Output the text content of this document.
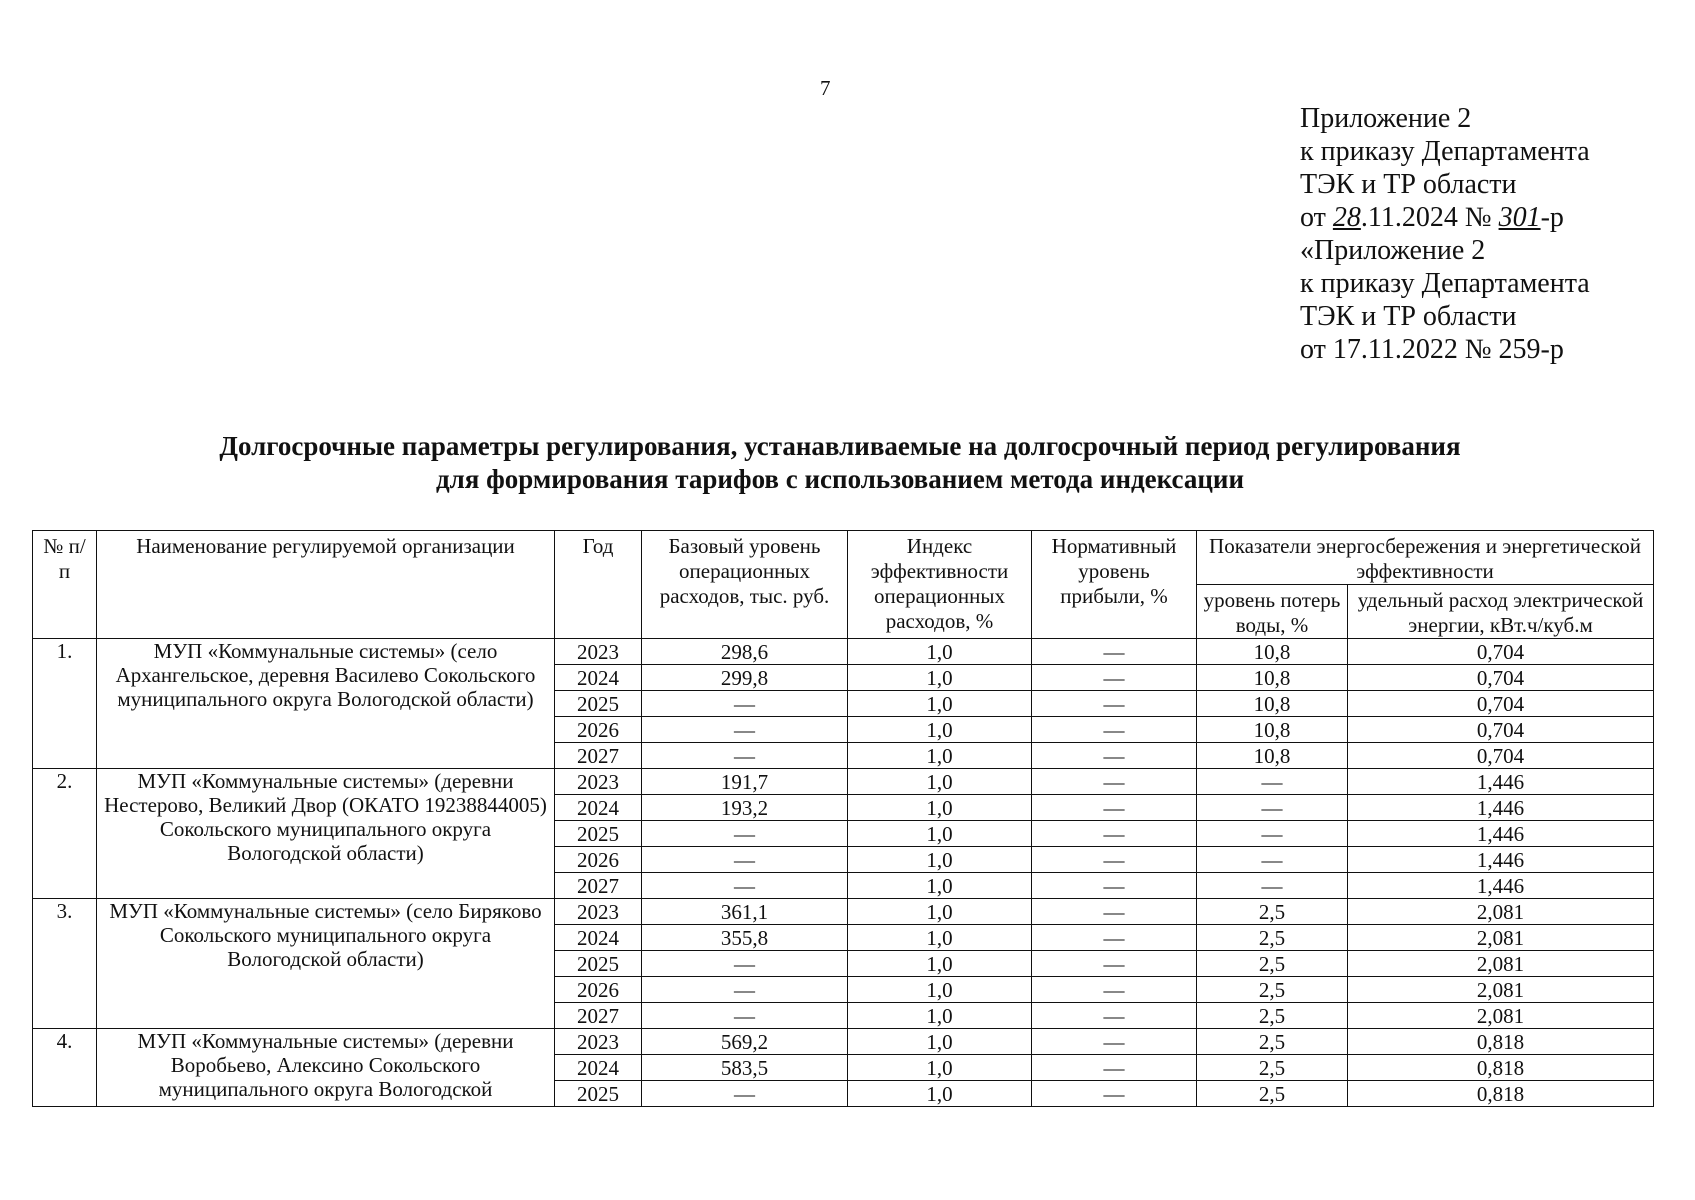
7
Приложение 2
к приказу Департамента
ТЭК и ТР области
от 28.11.2024 № 301-р
«Приложение 2
к приказу Департамента
ТЭК и ТР области
от 17.11.2022 № 259-р
Долгосрочные параметры регулирования, устанавливаемые на долгосрочный период регулирования
для формирования тарифов с использованием метода индексации
№ п/п	Наименование регулируемой организации	Год	Базовый уровень операционных расходов, тыс. руб.	Индекс эффективности операционных расходов, %	Нормативный уровень прибыли, %	Показатели энергосбережения и энергетической эффективности	
						уровень потерь воды, %	удельный расход электрической энергии, кВт.ч/куб.м
1.	МУП «Коммунальные системы» (село Архангельское, деревня Василево Сокольского муниципального округа Вологодской области)	2023	298,6	1,0	—	10,8	0,704
		2024	299,8	1,0	—	10,8	0,704
		2025	—	1,0	—	10,8	0,704
		2026	—	1,0	—	10,8	0,704
		2027	—	1,0	—	10,8	0,704
2.	МУП «Коммунальные системы» (деревни Нестерово, Великий Двор (ОКАТО 19238844005) Сокольского муниципального округа Вологодской области)	2023	191,7	1,0	—	—	1,446
		2024	193,2	1,0	—	—	1,446
		2025	—	1,0	—	—	1,446
		2026	—	1,0	—	—	1,446
		2027	—	1,0	—	—	1,446
3.	МУП «Коммунальные системы» (село Биряково Сокольского муниципального округа Вологодской области)	2023	361,1	1,0	—	2,5	2,081
		2024	355,8	1,0	—	2,5	2,081
		2025	—	1,0	—	2,5	2,081
		2026	—	1,0	—	2,5	2,081
		2027	—	1,0	—	2,5	2,081
4.	МУП «Коммунальные системы» (деревни Воробьево, Алексино Сокольского муниципального округа Вологодской	2023	569,2	1,0	—	2,5	0,818
		2024	583,5	1,0	—	2,5	0,818
		2025	—	1,0	—	2,5	0,818
